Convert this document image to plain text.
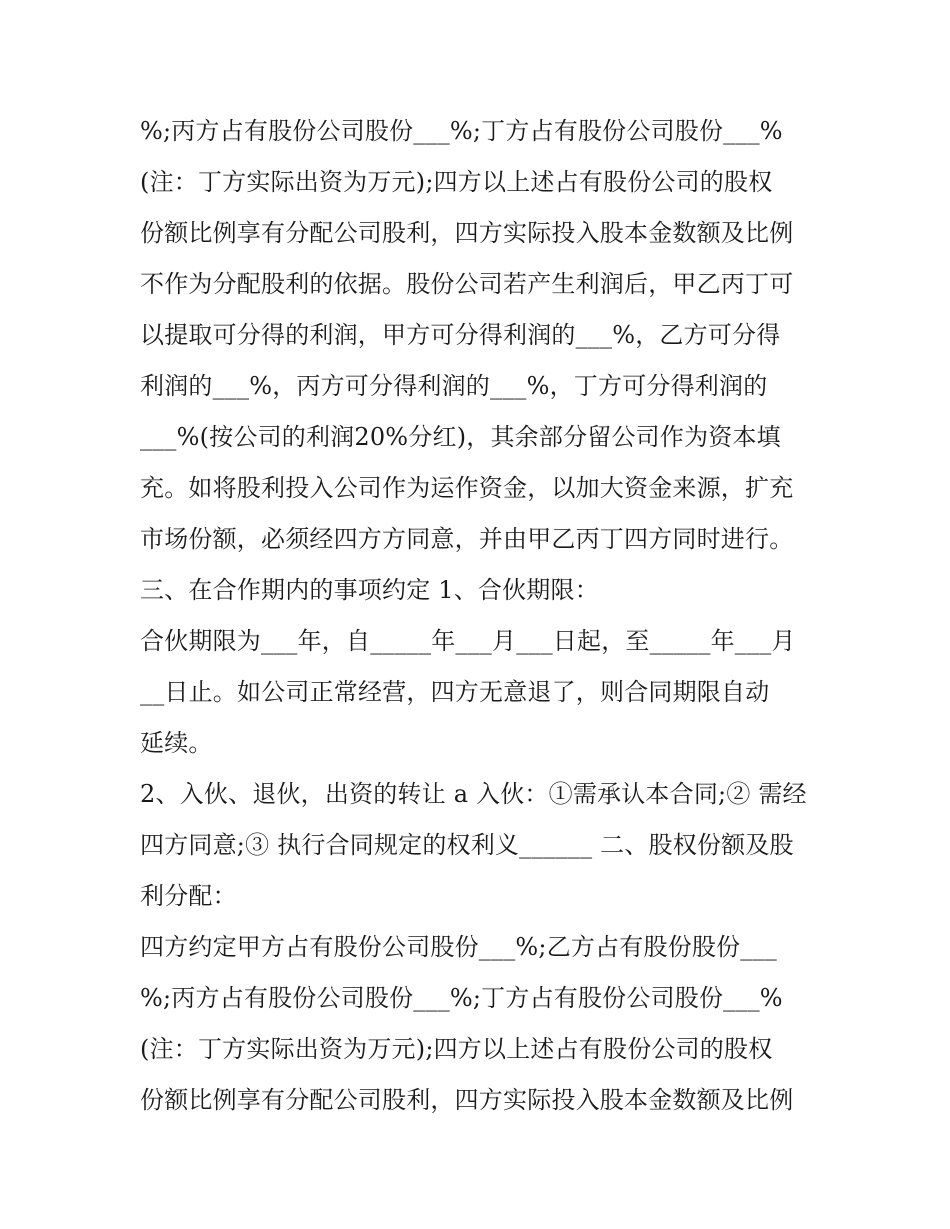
%;丙方占有股份公司股份___%;丁方占有股份公司股份___%
(注：丁方实际出资为万元);四方以上述占有股份公司的股权
份额比例享有分配公司股利，四方实际投入股本金数额及比例
不作为分配股利的依据。股份公司若产生利润后，甲乙丙丁可
以提取可分得的利润，甲方可分得利润的___%，乙方可分得
利润的___%，丙方可分得利润的___%，丁方可分得利润的
___%(按公司的利润20%分红)，其余部分留公司作为资本填
充。如将股利投入公司作为运作资金，以加大资金来源，扩充
市场份额，必须经四方方同意，并由甲乙丙丁四方同时进行。
三、在合作期内的事项约定 1、合伙期限：
合伙期限为___年，自_____年___月___日起，至_____年___月
__日止。如公司正常经营，四方无意退了，则合同期限自动
延续。
2、入伙、退伙，出资的转让 a 入伙：①需承认本合同;② 需经
四方同意;③ 执行合同规定的权利义______ 二、股权份额及股
利分配：
四方约定甲方占有股份公司股份___%;乙方占有股份股份___
%;丙方占有股份公司股份___%;丁方占有股份公司股份___%
(注：丁方实际出资为万元);四方以上述占有股份公司的股权
份额比例享有分配公司股利，四方实际投入股本金数额及比例
